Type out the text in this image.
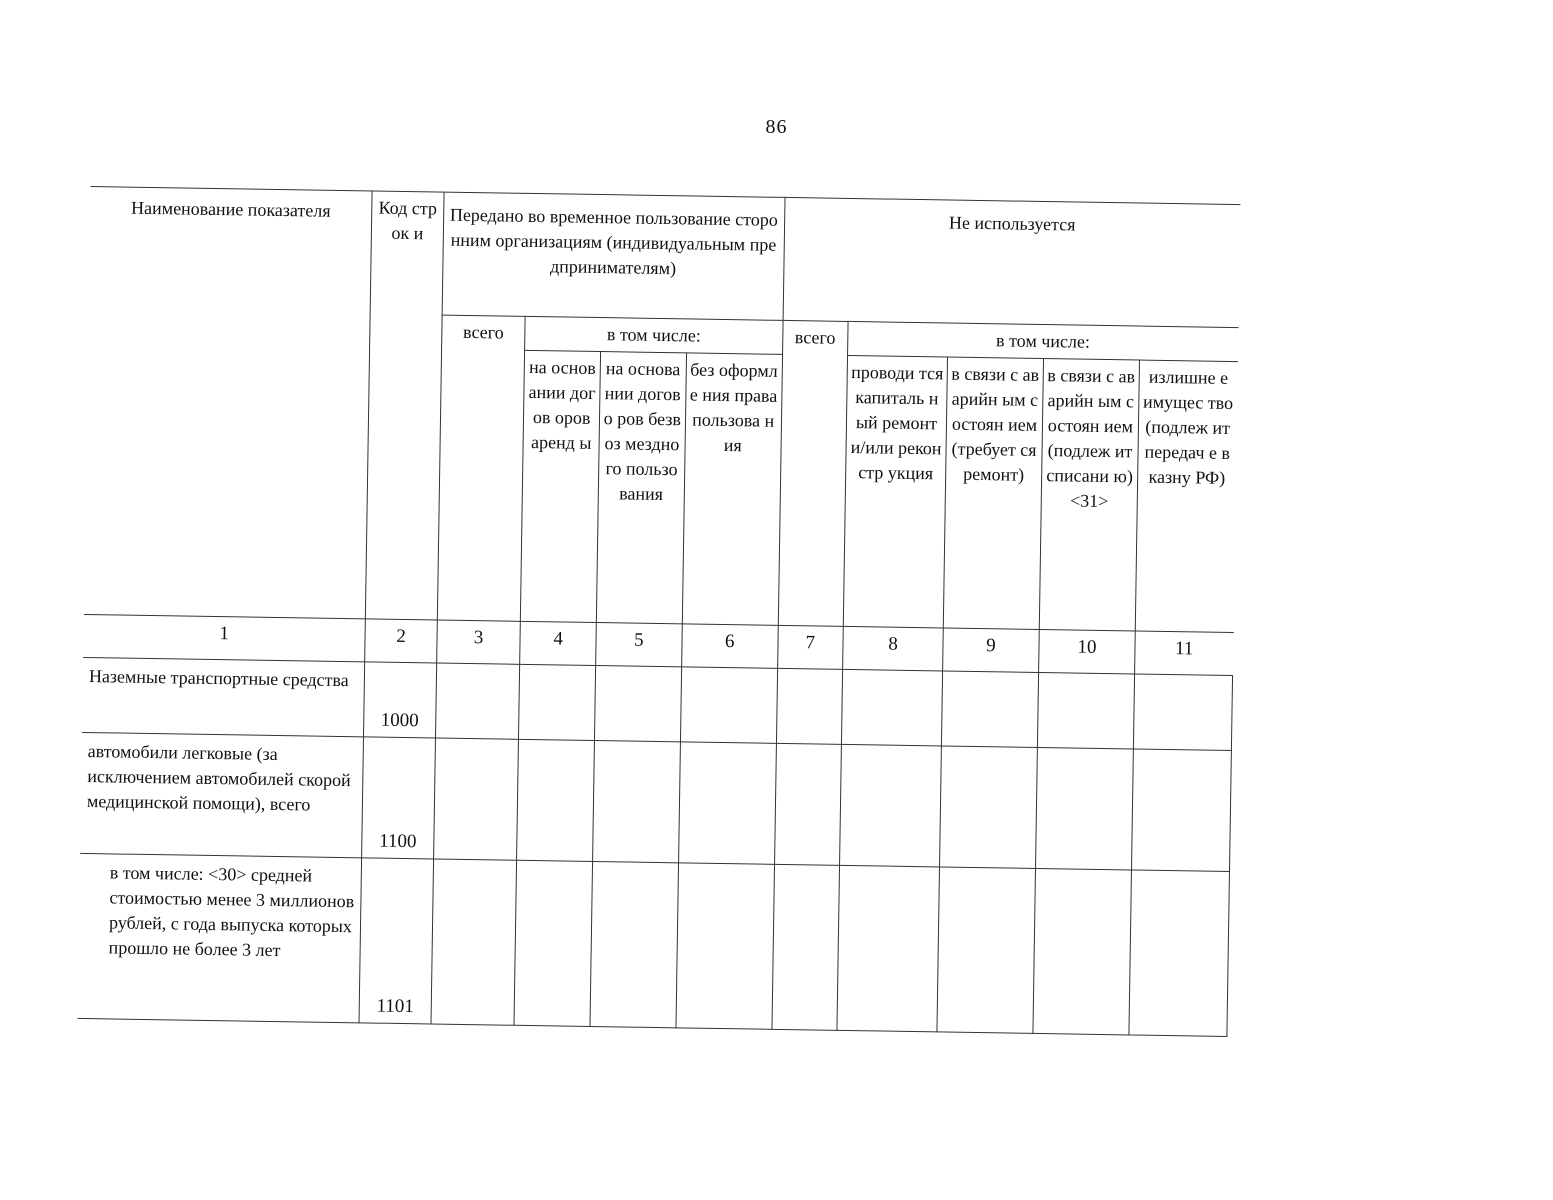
86
Наименование показателя	Код строк и	Передано во временное пользование сторонним организациям (индивидуальным предпринимателям)				Не используется				
		всего	в том числе:			всего	в том числе:			
			на основ ании догов оров аренд ы	на основа нии догово ров безвоз мездно го пользо вания	без оформле ния права пользова ния		проводи тся капиталь ный ремонт и/или реконстр укция	в связи с аварийн ым состоян ием (требует ся ремонт)	в связи с аварийн ым состоян ием (подлеж ит списани ю) <31>	излишне е имущес тво (подлеж ит передач е в казну РФ)
1	2	3	4	5	6	7	8	9	10	11
Наземные транспортные средства	1000									
автомобили легковые (за исключением автомобилей скорой медицинской помощи), всего	1100									
в том числе: <30> средней стоимостью менее 3 миллионов рублей, с года выпуска которых прошло не более 3 лет	1101									
